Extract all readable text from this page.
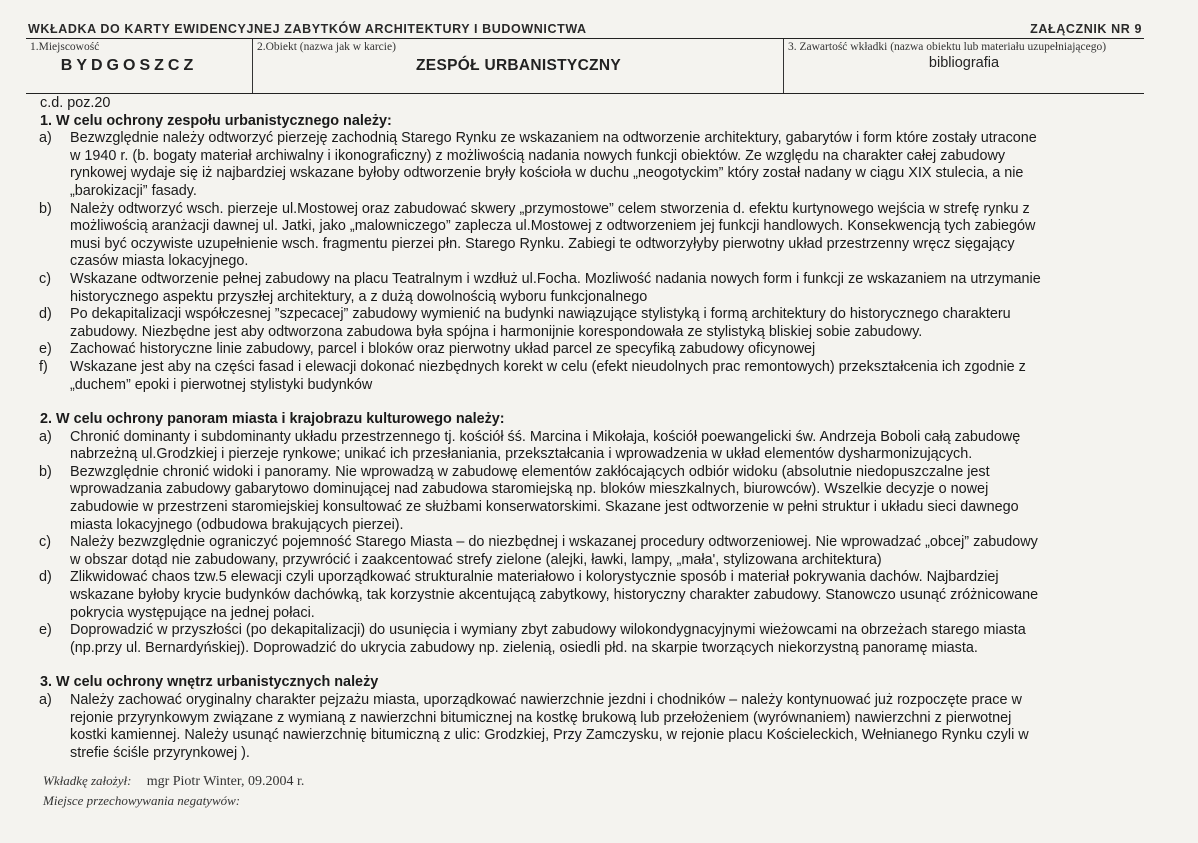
WKŁADKA DO KARTY EWIDENCYJNEJ ZABYTKÓW ARCHITEKTURY I BUDOWNICTWA	ZAŁĄCZNIK NR 9
1.Miejscowość
BYDGOSZCZ
2.Obiekt (nazwa jak w karcie)
ZESPÓŁ URBANISTYCZNY
3. Zawartość wkładki (nazwa obiektu lub materiału uzupełniającego)
bibliografia
c.d. poz.20
1. W celu ochrony zespołu urbanistycznego należy:
a) Bezwzględnie należy odtworzyć pierzeję zachodnią Starego Rynku ze wskazaniem na odtworzenie architektury, gabarytów i form które zostały utracone
w 1940 r. (b. bogaty materiał archiwalny i ikonograficzny) z możliwością nadania nowych funkcji obiektów. Ze względu na charakter całej zabudowy
rynkowej wydaje się iż najbardziej wskazane byłoby odtworzenie bryły kościoła w duchu „neogotyckim” który został nadany w ciągu XIX stulecia, a nie
„barokizacji” fasady.
b) Należy odtworzyć wsch. pierzeje ul.Mostowej oraz zabudować skwery „przymostowe” celem stworzenia d. efektu kurtynowego wejścia w strefę rynku z
możliwością aranżacji dawnej ul. Jatki, jako „malowniczego” zaplecza ul.Mostowej z odtworzeniem jej funkcji handlowych. Konsekwencją tych zabiegów
musi być oczywiste uzupełnienie wsch. fragmentu pierzei płn. Starego Rynku. Zabiegi te odtworzyłyby pierwotny układ przestrzenny wręcz sięgający
czasów miasta lokacyjnego.
c) Wskazane odtworzenie pełnej zabudowy na placu Teatralnym i wzdłuż ul.Focha. Mozliwość nadania nowych form i funkcji ze wskazaniem na utrzymanie
historycznego aspektu przyszłej architektury, a z dużą dowolnością wyboru funkcjonalnego
d) Po dekapitalizacji współczesnej ”szpecacej” zabudowy wymienić na budynki nawiązujące stylistyką i formą architektury do historycznego charakteru
zabudowy. Niezbędne jest aby odtworzona zabudowa była spójna i harmonijnie korespondowała ze stylistyką bliskiej sobie zabudowy.
e) Zachować historyczne linie zabudowy, parcel i bloków oraz pierwotny układ parcel ze specyfiką zabudowy oficynowej
f) Wskazane jest aby na części fasad i elewacji dokonać niezbędnych korekt w celu (efekt nieudolnych prac remontowych) przekształcenia ich zgodnie z
„duchem” epoki i pierwotnej stylistyki budynków
2. W celu ochrony panoram miasta i krajobrazu kulturowego należy:
a) Chronić dominanty i subdominanty układu przestrzennego tj. kościół śś. Marcina i Mikołaja, kościół poewangelicki św. Andrzeja Boboli całą zabudowę
nabrzeżną ul.Grodzkiej i pierzeje rynkowe; unikać ich przesłaniania, przekształcania i wprowadzenia w układ elementów dysharmonizujących.
b) Bezwzględnie chronić widoki i panoramy. Nie wprowadzą w zabudowę elementów zakłócających odbiór widoku (absolutnie niedopuszczalne jest
wprowadzania zabudowy gabarytowo dominującej nad zabudowa staromiejską np. bloków mieszkalnych, biurowców). Wszelkie decyzje o nowej
zabudowie w przestrzeni staromiejskiej konsultować ze służbami konserwatorskimi. Skazane jest odtworzenie w pełni struktur i układu sieci dawnego
miasta lokacyjnego (odbudowa brakujących pierzei).
c) Należy bezwzględnie ograniczyć pojemność Starego Miasta – do niezbędnej i wskazanej procedury odtworzeniowej. Nie wprowadzać „obcej” zabudowy
w obszar dotąd nie zabudowany, przywrócić i zaakcentować strefy zielone (alejki, ławki, lampy, „mała', stylizowana architektura)
d) Zlikwidować chaos tzw.5 elewacji czyli uporządkować strukturalnie materiałowo i kolorystycznie sposób i materiał pokrywania dachów. Najbardziej
wskazane byłoby krycie budynków dachówką, tak korzystnie akcentującą zabytkowy, historyczny charakter zabudowy. Stanowczo usunąć zróżnicowane
pokrycia występujące na jednej połaci.
e) Doprowadzić w przyszłości (po dekapitalizacji) do usunięcia i wymiany zbyt zabudowy wilokondygnacyjnymi wieżowcami na obrzeżach starego miasta
(np.przy ul. Bernardyńskiej). Doprowadzić do ukrycia zabudowy np. zielenią, osiedli płd. na skarpie tworzących niekorzystną panoramę miasta.
3. W celu ochrony wnętrz urbanistycznych należy
a) Należy zachować oryginalny charakter pejzażu miasta, uporządkować nawierzchnie jezdni i chodników – należy kontynuować już rozpoczęte prace w
rejonie przyrynkowym związane z wymianą z nawierzchni bitumicznej na kostkę brukową lub przełożeniem (wyrównaniem) nawierzchni z pierwotnej
kostki kamiennej. Należy usunąć nawierzchnię bitumiczną z ulic: Grodzkiej, Przy Zamczysku, w rejonie placu Kościeleckich, Wełnianego Rynku czyli w
strefie ściśle przyrynkowej ).
Wkładkę założył: mgr Piotr Winter, 09.2004 r.
Miejsce przechowywania negatywów:
